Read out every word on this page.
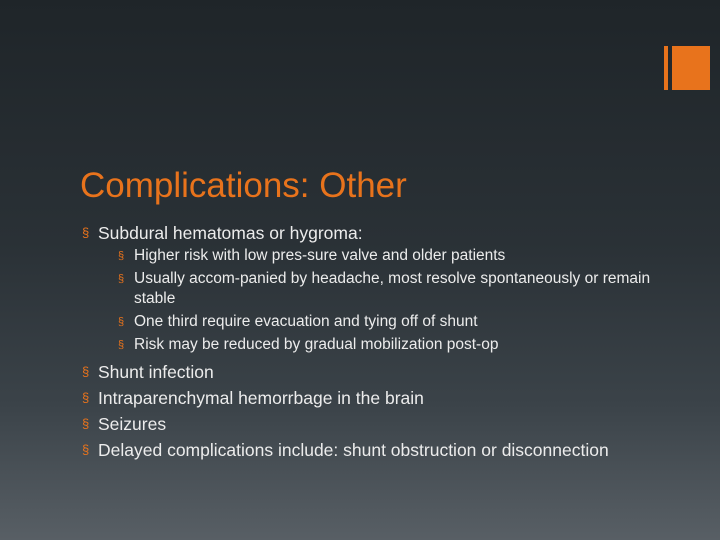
Complications: Other
§ Subdural hematomas or hygroma:
§ Higher risk with low pres-sure valve and older patients
§ Usually accom-panied by headache, most resolve spontaneously or remain stable
§ One third require evacuation and tying off of shunt
§ Risk may be reduced by gradual mobilization post-op
§ Shunt infection
§ Intraparenchymal hemorrbage in the brain
§ Seizures
§ Delayed complications include: shunt obstruction or disconnection
